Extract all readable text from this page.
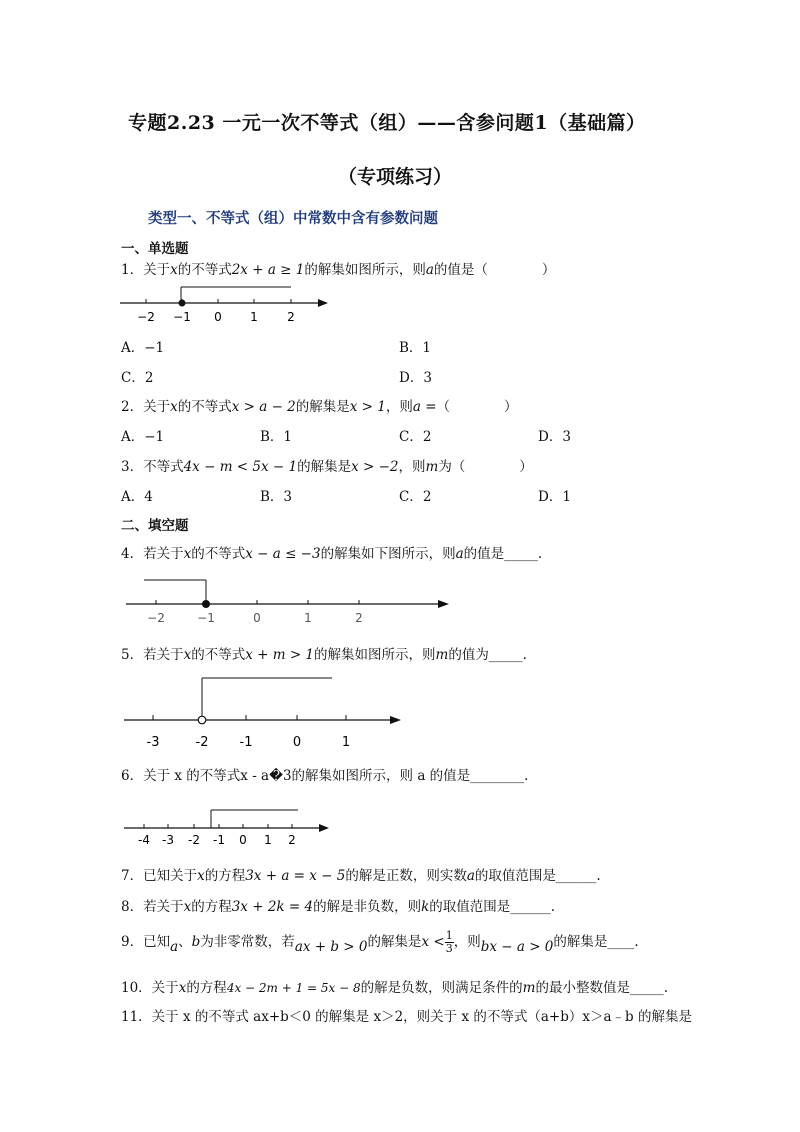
专题2.23 一元一次不等式（组）——含参问题1（基础篇）
（专项练习）
类型一、不等式（组）中常数中含有参数问题
一、单选题
1．关于x的不等式2x + a ≥ 1的解集如图所示，则a的值是（　　　　）
−2 −1 0 1 2
A．−1	B．1
C．2	D．3
2．关于x的不等式x > a − 2的解集是x > 1，则a =（　　　　）
A．−1	B．1	C．2	D．3
3．不等式4x − m < 5x − 1的解集是x > −2，则m为（　　　　）
A．4	B．3	C．2	D．1
二、填空题
4．若关于x的不等式x − a ≤ −3的解集如下图所示，则a的值是_____.
−2	−1	0	1	2
5．若关于x的不等式x + m > 1的解集如图所示，则m的值为_____.
-3	-2 -1	0	1
6．关于 x 的不等式x - a�3的解集如图所示，则 a 的值是________.
-4 -3 -2 -1 0 1 2
7．已知关于x的方程3x + a = x − 5的解是正数，则实数a的取值范围是______.
8．若关于x的方程3x + 2k = 4的解是非负数，则k的取值范围是______.
9．已知a、b为非零常数，若ax + b > 0的解集是$x < \frac{1}{3}$ ，则bx − a > 0的解集是____.
10．关于x的方程4x − 2m + 1 = 5x − 8的解是负数，则满足条件的m的最小整数值是_____.
11．关于 x 的不等式 ax+b＜0 的解集是 x＞2，则关于 x 的不等式（a+b）x＞a﹣b 的解集是
